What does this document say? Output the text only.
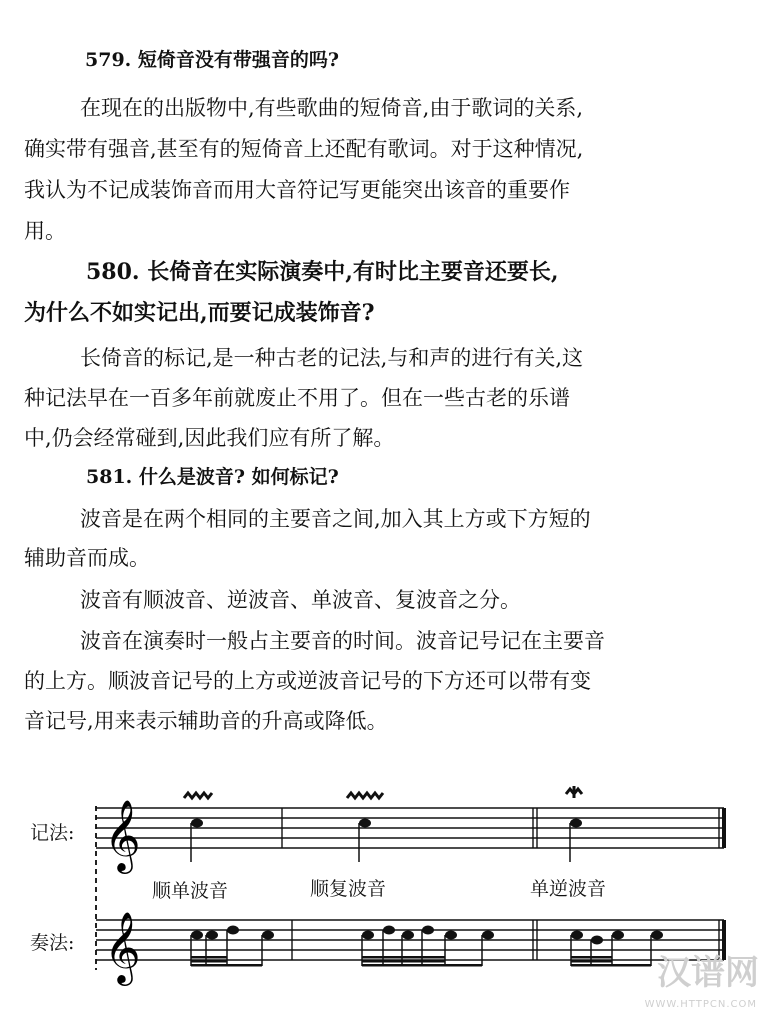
579. 短倚音没有带强音的吗?
在现在的出版物中,有些歌曲的短倚音,由于歌词的关系,
确实带有强音,甚至有的短倚音上还配有歌词。对于这种情况,
我认为不记成装饰音而用大音符记写更能突出该音的重要作
用。
580. 长倚音在实际演奏中,有时比主要音还要长,
为什么不如实记出,而要记成装饰音?
长倚音的标记,是一种古老的记法,与和声的进行有关,这
种记法早在一百多年前就废止不用了。但在一些古老的乐谱
中,仍会经常碰到,因此我们应有所了解。
581. 什么是波音? 如何标记?
波音是在两个相同的主要音之间,加入其上方或下方短的
辅助音而成。
波音有顺波音、逆波音、单波音、复波音之分。
波音在演奏时一般占主要音的时间。波音记号记在主要音
的上方。顺波音记号的上方或逆波音记号的下方还可以带有变
音记号,用来表示辅助音的升高或降低。
𝄞
𝄞
记法:
奏法:
顺单波音	顺复波音	单逆波音
汉谱网
WWW.HTTPCN.COM
